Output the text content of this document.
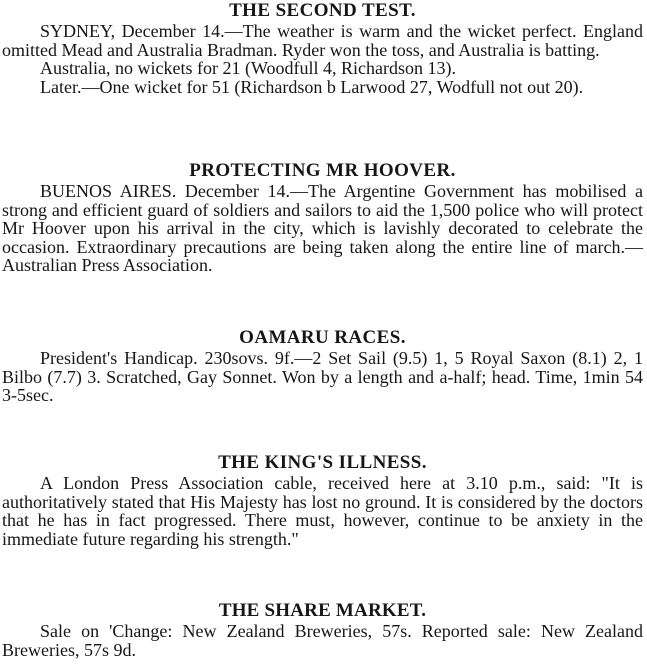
THE SECOND TEST.

SYDNEY, December 14.—The weather is warm and the wicket perfect. England omitted Mead and Australia Bradman. Ryder won the toss, and Australia is batting.

Australia, no wickets for 21 (Woodfull 4, Richardson 13).

Later.—One wicket for 51 (Richardson b Larwood 27, Wodfull not out 20).

PROTECTING MR HOOVER.

BUENOS AIRES. December 14.—The Argentine Government has mobilised a strong and efficient guard of soldiers and sailors to aid the 1,500 police who will protect Mr Hoover upon his arrival in the city, which is lavishly decorated to celebrate the occasion. Extraordinary precautions are being taken along the entire line of march.—Australian Press Association.

OAMARU RACES.

President's Handicap. 230sovs. 9f.—2 Set Sail (9.5) 1, 5 Royal Saxon (8.1) 2, 1 Bilbo (7.7) 3. Scratched, Gay Sonnet. Won by a length and a-half; head. Time, 1min 54 3-5sec.

THE KING'S ILLNESS.

A London Press Association cable, received here at 3.10 p.m., said: "It is authoritatively stated that His Majesty has lost no ground. It is considered by the doctors that he has in fact progressed. There must, however, continue to be anxiety in the immediate future regarding his strength."

THE SHARE MARKET.

Sale on 'Change: New Zealand Breweries, 57s. Reported sale: New Zealand Breweries, 57s 9d.
